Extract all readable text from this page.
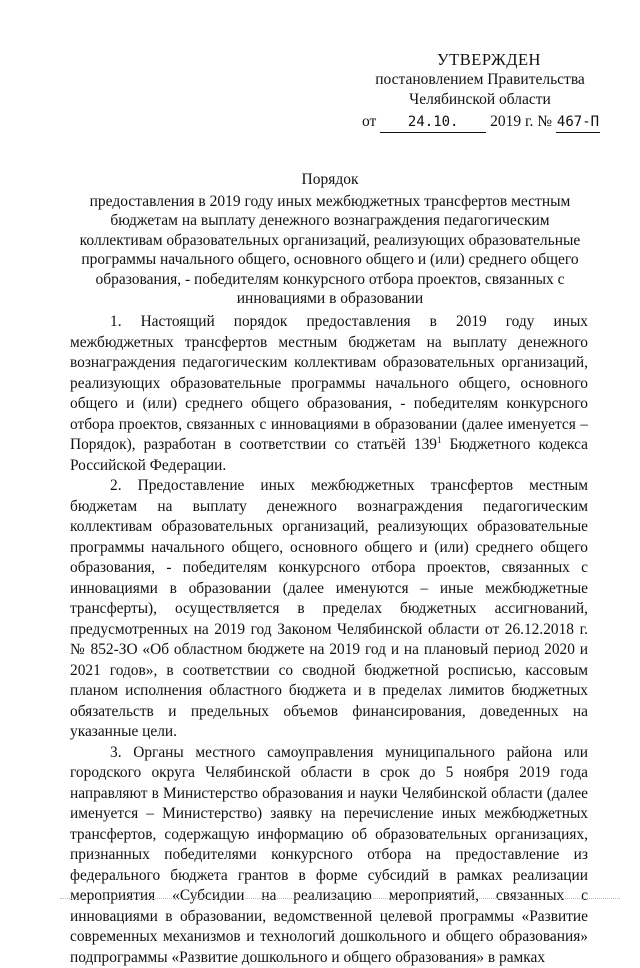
УТВЕРЖДЕН
постановлением Правительства
Челябинской области
от 24.10. 2019 г. № 467-П
Порядок
предоставления в 2019 году иных межбюджетных трансфертов местным бюджетам на выплату денежного вознаграждения педагогическим коллективам образовательных организаций, реализующих образовательные программы начального общего, основного общего и (или) среднего общего образования, - победителям конкурсного отбора проектов, связанных с инновациями в образовании

1. Настоящий порядок предоставления в 2019 году иных межбюджетных трансфертов местным бюджетам на выплату денежного вознаграждения педагогическим коллективам образовательных организаций, реализующих образовательные программы начального общего, основного общего и (или) среднего общего образования, - победителям конкурсного отбора проектов, связанных с инновациями в образовании (далее именуется – Порядок), разработан в соответствии со статьёй $139^1$ Бюджетного кодекса Российской Федерации.

2. Предоставление иных межбюджетных трансфертов местным бюджетам на выплату денежного вознаграждения педагогическим коллективам образовательных организаций, реализующих образовательные программы начального общего, основного общего и (или) среднего общего образования, - победителям конкурсного отбора проектов, связанных с инновациями в образовании (далее именуются – иные межбюджетные трансферты), осуществляется в пределах бюджетных ассигнований, предусмотренных на 2019 год Законом Челябинской области от 26.12.2018 г. № 852-ЗО «Об областном бюджете на 2019 год и на плановый период 2020 и 2021 годов», в соответствии со сводной бюджетной росписью, кассовым планом исполнения областного бюджета и в пределах лимитов бюджетных обязательств и предельных объемов финансирования, доведенных на указанные цели.

3. Органы местного самоуправления муниципального района или городского округа Челябинской области в срок до 5 ноября 2019 года направляют в Министерство образования и науки Челябинской области (далее именуется – Министерство) заявку на перечисление иных межбюджетных трансфертов, содержащую информацию об образовательных организациях, признанных победителями конкурсного отбора на предоставление из федерального бюджета грантов в форме субсидий в рамках реализации мероприятия «Субсидии на реализацию мероприятий, связанных с инновациями в образовании, ведомственной целевой программы «Развитие современных механизмов и технологий дошкольного и общего образования» подпрограммы «Развитие дошкольного и общего образования» в рамках
